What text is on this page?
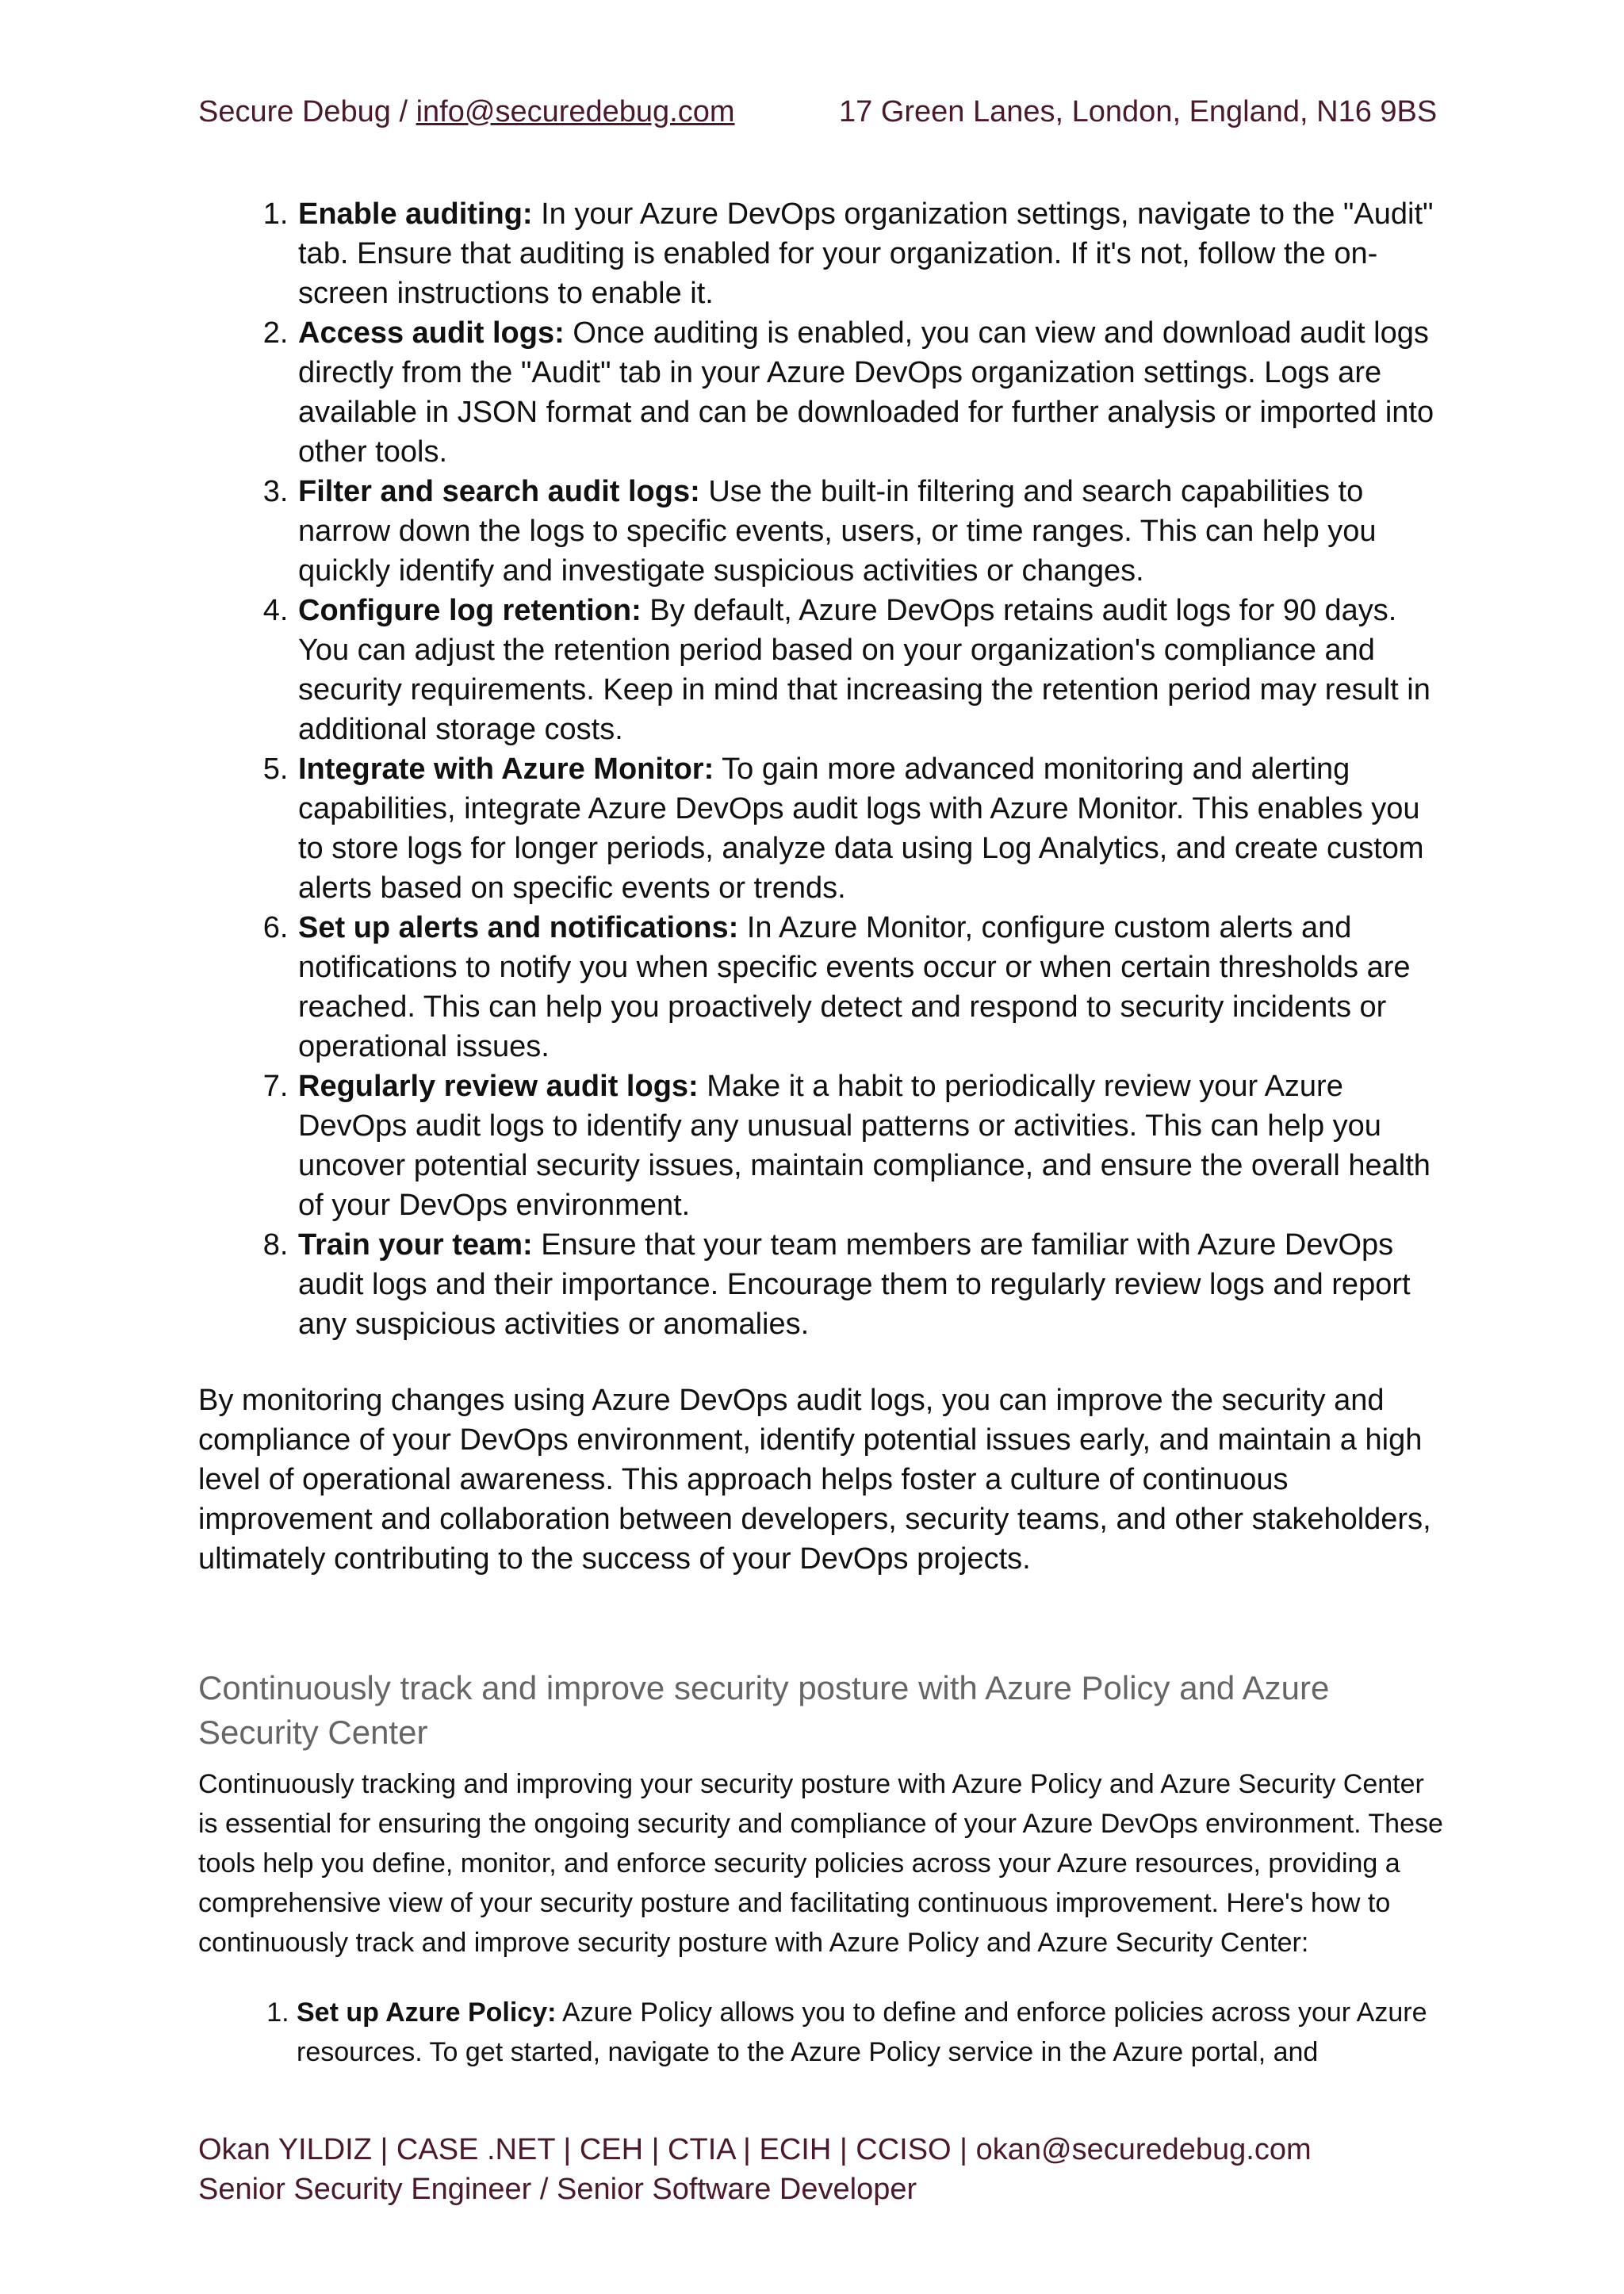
Secure Debug / info@securedebug.com	17 Green Lanes, London, England, N16 9BS
1. Enable auditing: In your Azure DevOps organization settings, navigate to the "Audit" tab. Ensure that auditing is enabled for your organization. If it's not, follow the on-screen instructions to enable it.
2. Access audit logs: Once auditing is enabled, you can view and download audit logs directly from the "Audit" tab in your Azure DevOps organization settings. Logs are available in JSON format and can be downloaded for further analysis or imported into other tools.
3. Filter and search audit logs: Use the built-in filtering and search capabilities to narrow down the logs to specific events, users, or time ranges. This can help you quickly identify and investigate suspicious activities or changes.
4. Configure log retention: By default, Azure DevOps retains audit logs for 90 days. You can adjust the retention period based on your organization's compliance and security requirements. Keep in mind that increasing the retention period may result in additional storage costs.
5. Integrate with Azure Monitor: To gain more advanced monitoring and alerting capabilities, integrate Azure DevOps audit logs with Azure Monitor. This enables you to store logs for longer periods, analyze data using Log Analytics, and create custom alerts based on specific events or trends.
6. Set up alerts and notifications: In Azure Monitor, configure custom alerts and notifications to notify you when specific events occur or when certain thresholds are reached. This can help you proactively detect and respond to security incidents or operational issues.
7. Regularly review audit logs: Make it a habit to periodically review your Azure DevOps audit logs to identify any unusual patterns or activities. This can help you uncover potential security issues, maintain compliance, and ensure the overall health of your DevOps environment.
8. Train your team: Ensure that your team members are familiar with Azure DevOps audit logs and their importance. Encourage them to regularly review logs and report any suspicious activities or anomalies.

By monitoring changes using Azure DevOps audit logs, you can improve the security and compliance of your DevOps environment, identify potential issues early, and maintain a high level of operational awareness. This approach helps foster a culture of continuous improvement and collaboration between developers, security teams, and other stakeholders, ultimately contributing to the success of your DevOps projects.

Continuously track and improve security posture with Azure Policy and Azure Security Center

Continuously tracking and improving your security posture with Azure Policy and Azure Security Center is essential for ensuring the ongoing security and compliance of your Azure DevOps environment. These tools help you define, monitor, and enforce security policies across your Azure resources, providing a comprehensive view of your security posture and facilitating continuous improvement. Here's how to continuously track and improve security posture with Azure Policy and Azure Security Center:

1. Set up Azure Policy: Azure Policy allows you to define and enforce policies across your Azure resources. To get started, navigate to the Azure Policy service in the Azure portal, and
Okan YILDIZ | CASE .NET | CEH | CTIA | ECIH | CCISO | okan@securedebug.com
Senior Security Engineer / Senior Software Developer
